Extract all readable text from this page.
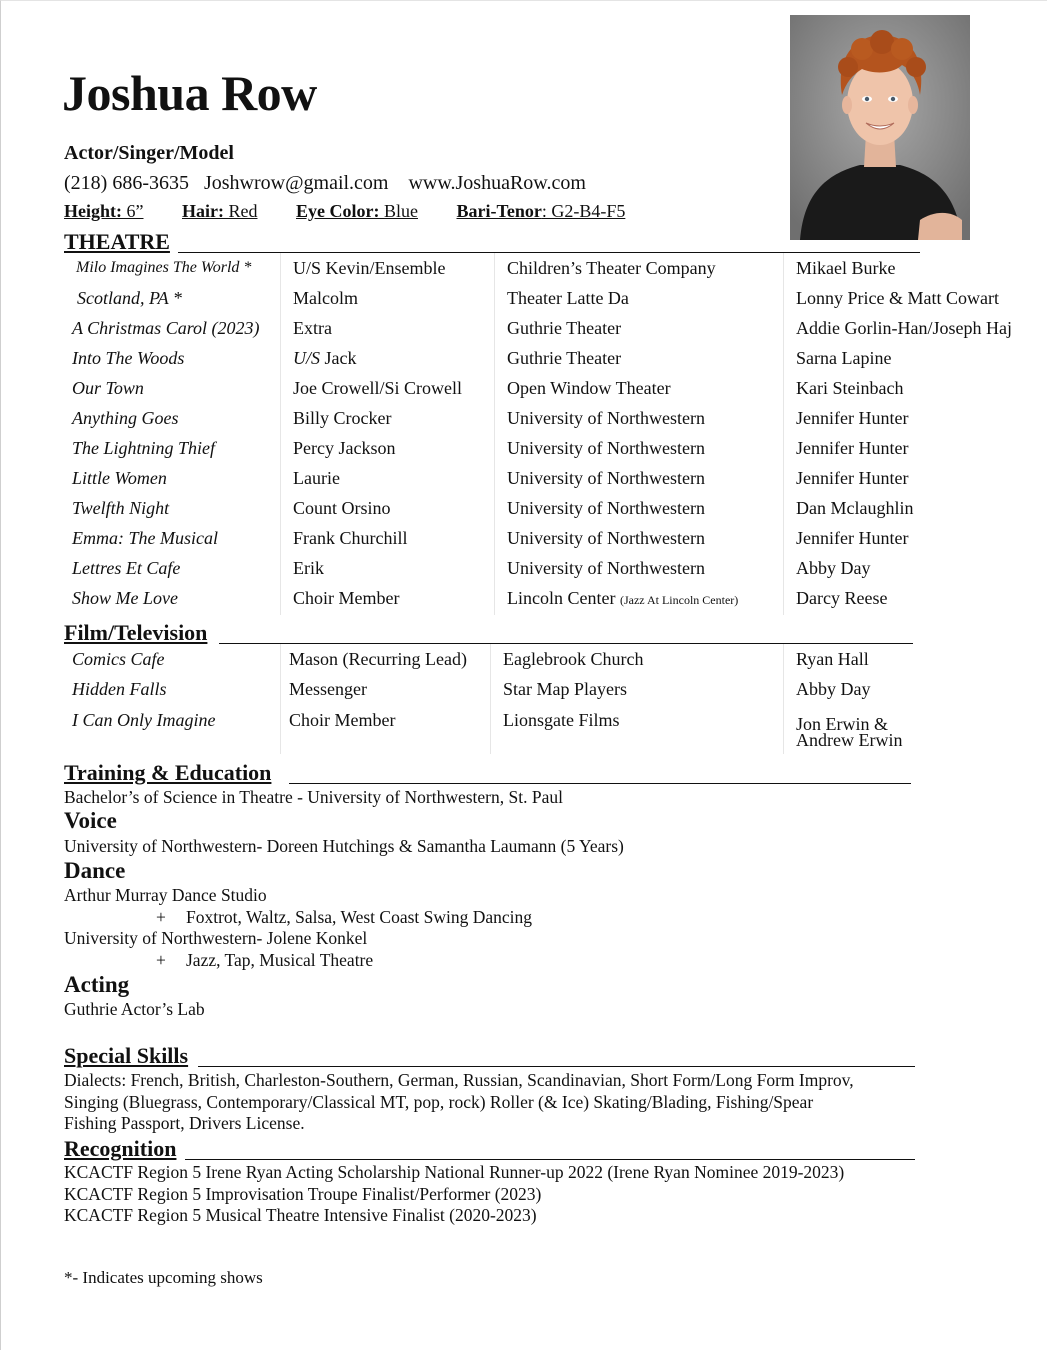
Joshua Row
Actor/Singer/Model
(218) 686-3635   Joshwrow@gmail.com    www.JoshuaRow.com
Height: 6” Hair: Red Eye Color: Blue Bari-Tenor: G2-B4-F5
THEATRE
Milo Imagines The World *	U/S Kevin/Ensemble	Children’s Theater Company	Mikael Burke
Scotland, PA *	Malcolm	Theater Latte Da	Lonny Price & Matt Cowart
A Christmas Carol (2023)	Extra	Guthrie Theater	Addie Gorlin-Han/Joseph Haj
Into The Woods	U/S Jack	Guthrie Theater	Sarna Lapine
Our Town	Joe Crowell/Si Crowell	Open Window Theater	Kari Steinbach
Anything Goes	Billy Crocker	University of Northwestern	Jennifer Hunter
The Lightning Thief	Percy Jackson	University of Northwestern	Jennifer Hunter
Little Women	Laurie	University of Northwestern	Jennifer Hunter
Twelfth Night	Count Orsino	University of Northwestern	Dan Mclaughlin
Emma: The Musical	Frank Churchill	University of Northwestern	Jennifer Hunter
Lettres Et Cafe	Erik	University of Northwestern	Abby Day
Show Me Love	Choir Member	Lincoln Center (Jazz At Lincoln Center)	Darcy Reese
Film/Television
Comics Cafe	Mason (Recurring Lead)	Eaglebrook Church	Ryan Hall
Hidden Falls	Messenger	Star Map Players	Abby Day
I Can Only Imagine	Choir Member	Lionsgate Films	Jon Erwin &
Andrew Erwin
Training & Education
Bachelor’s of Science in Theatre - University of Northwestern, St. Paul
Voice
University of Northwestern- Doreen Hutchings & Samantha Laumann (5 Years)
Dance
Arthur Murray Dance Studio
+ Foxtrot, Waltz, Salsa, West Coast Swing Dancing
University of Northwestern- Jolene Konkel
+ Jazz, Tap, Musical Theatre
Acting
Guthrie Actor’s Lab
Special Skills
Dialects: French, British, Charleston-Southern, German, Russian, Scandinavian, Short Form/Long Form Improv,
Singing (Bluegrass, Contemporary/Classical MT, pop, rock) Roller (& Ice) Skating/Blading, Fishing/Spear
Fishing Passport, Drivers License.
Recognition
KCACTF Region 5 Irene Ryan Acting Scholarship National Runner-up 2022 (Irene Ryan Nominee 2019-2023)
KCACTF Region 5 Improvisation Troupe Finalist/Performer (2023)
KCACTF Region 5 Musical Theatre Intensive Finalist (2020-2023)
*- Indicates upcoming shows
